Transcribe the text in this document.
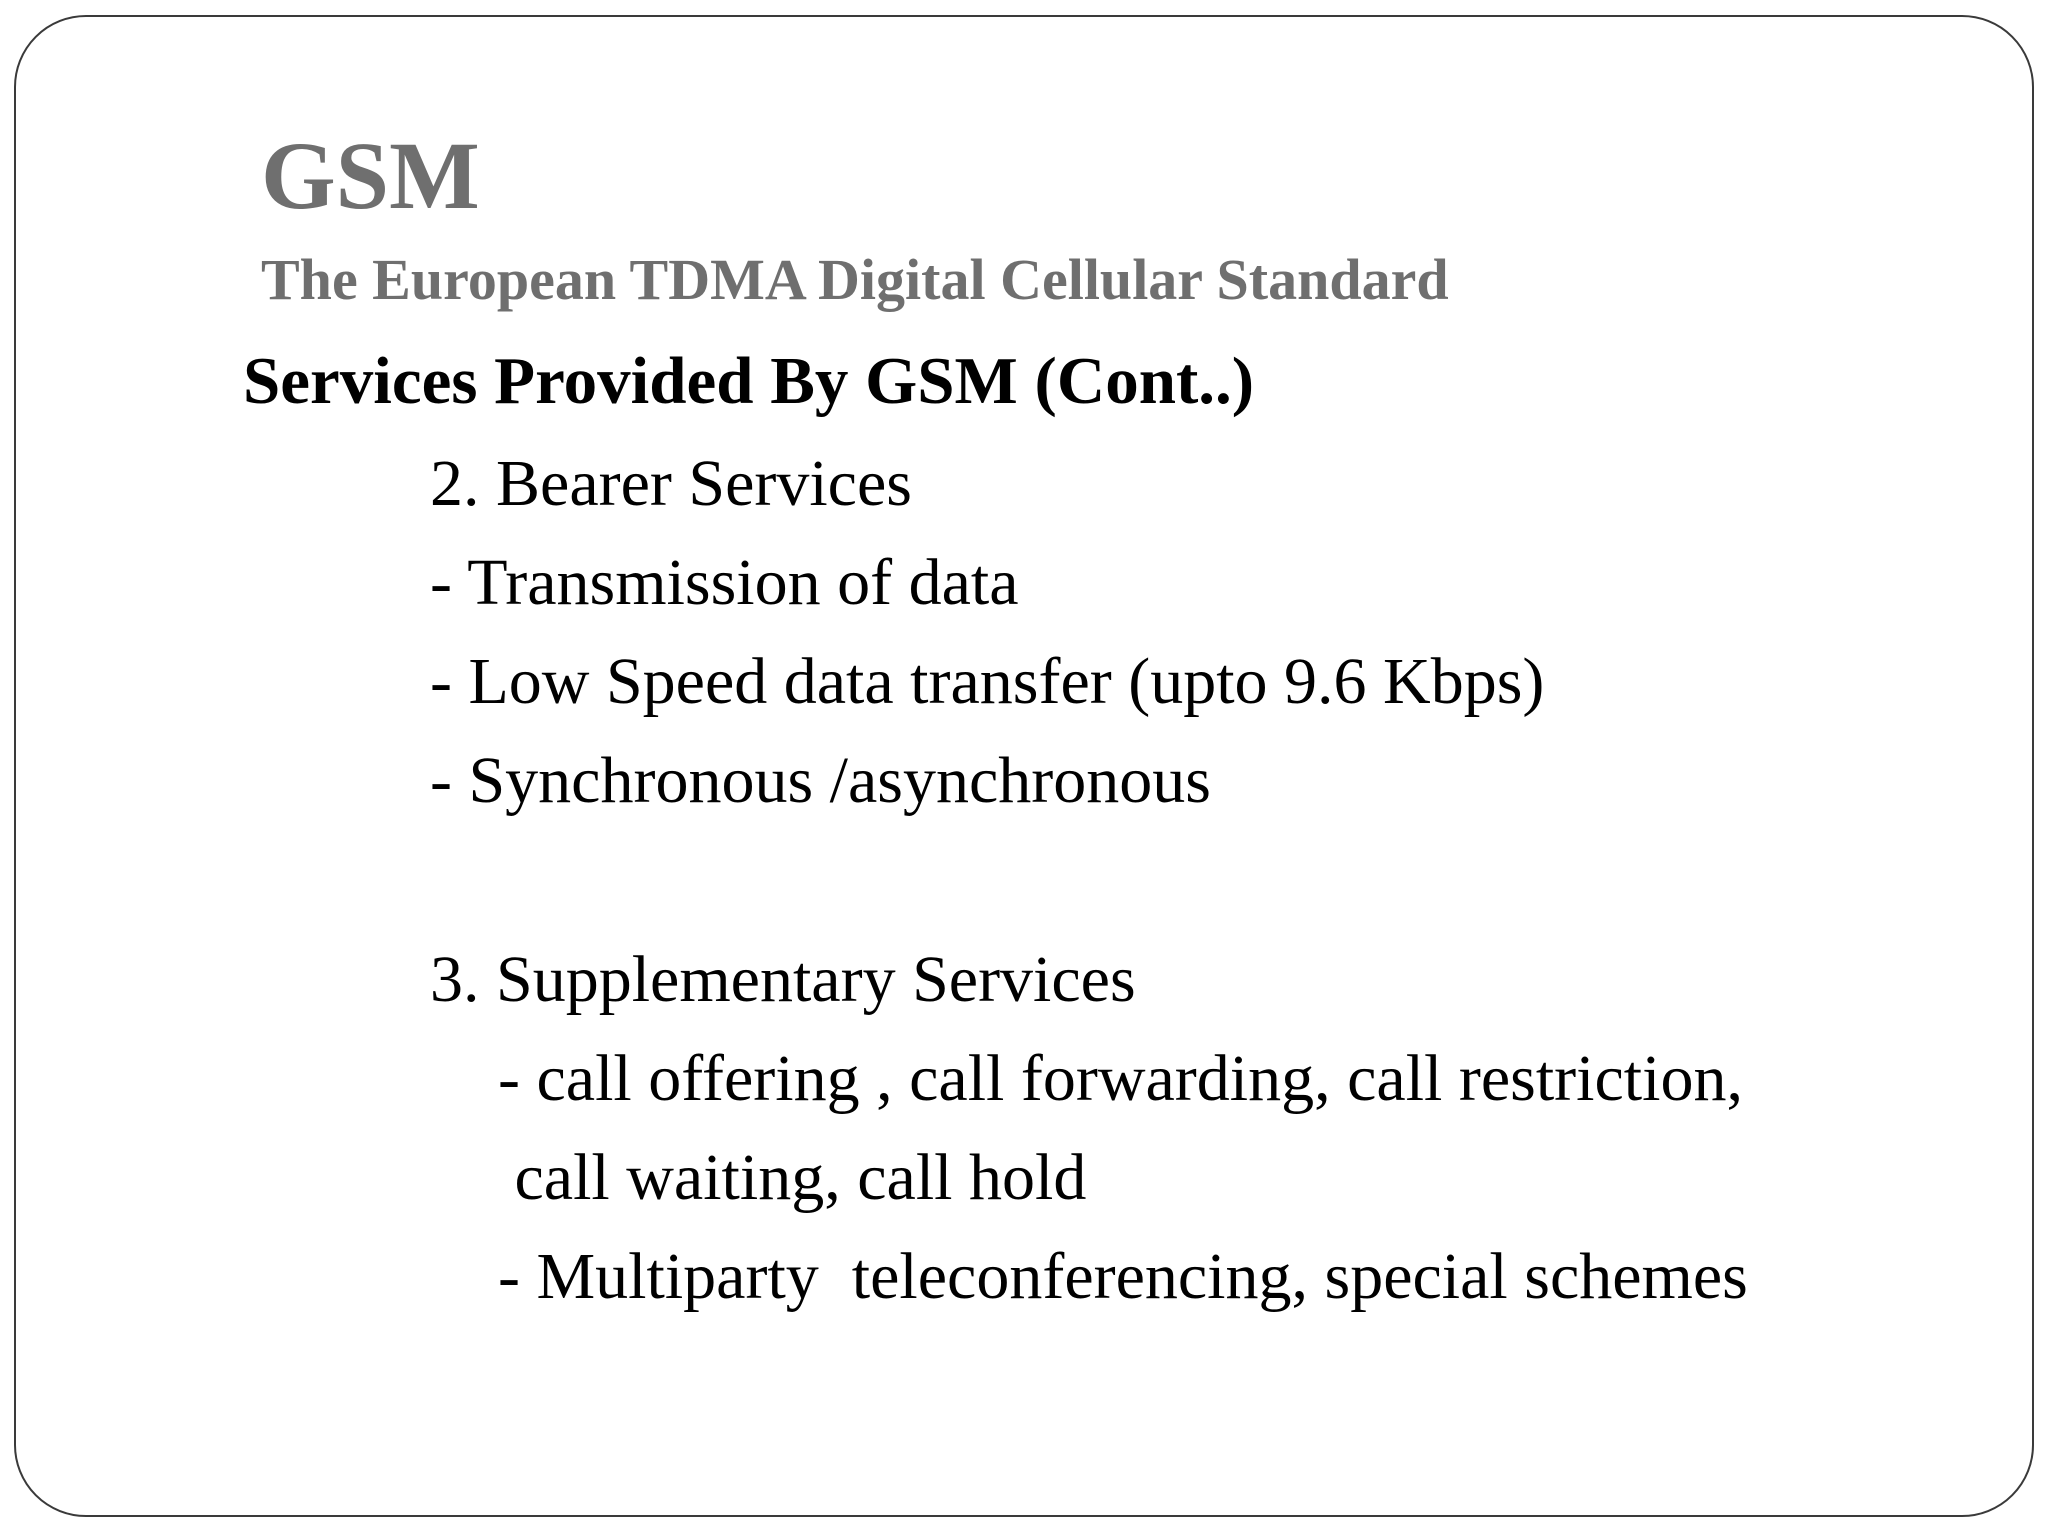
GSM
The European TDMA Digital Cellular Standard
Services Provided By GSM (Cont..)
2. Bearer Services
- Transmission of data
- Low Speed data transfer (upto 9.6 Kbps)
- Synchronous /asynchronous
3. Supplementary Services
- call offering , call forwarding, call restriction,
call waiting, call hold
- Multiparty  teleconferencing, special schemes
